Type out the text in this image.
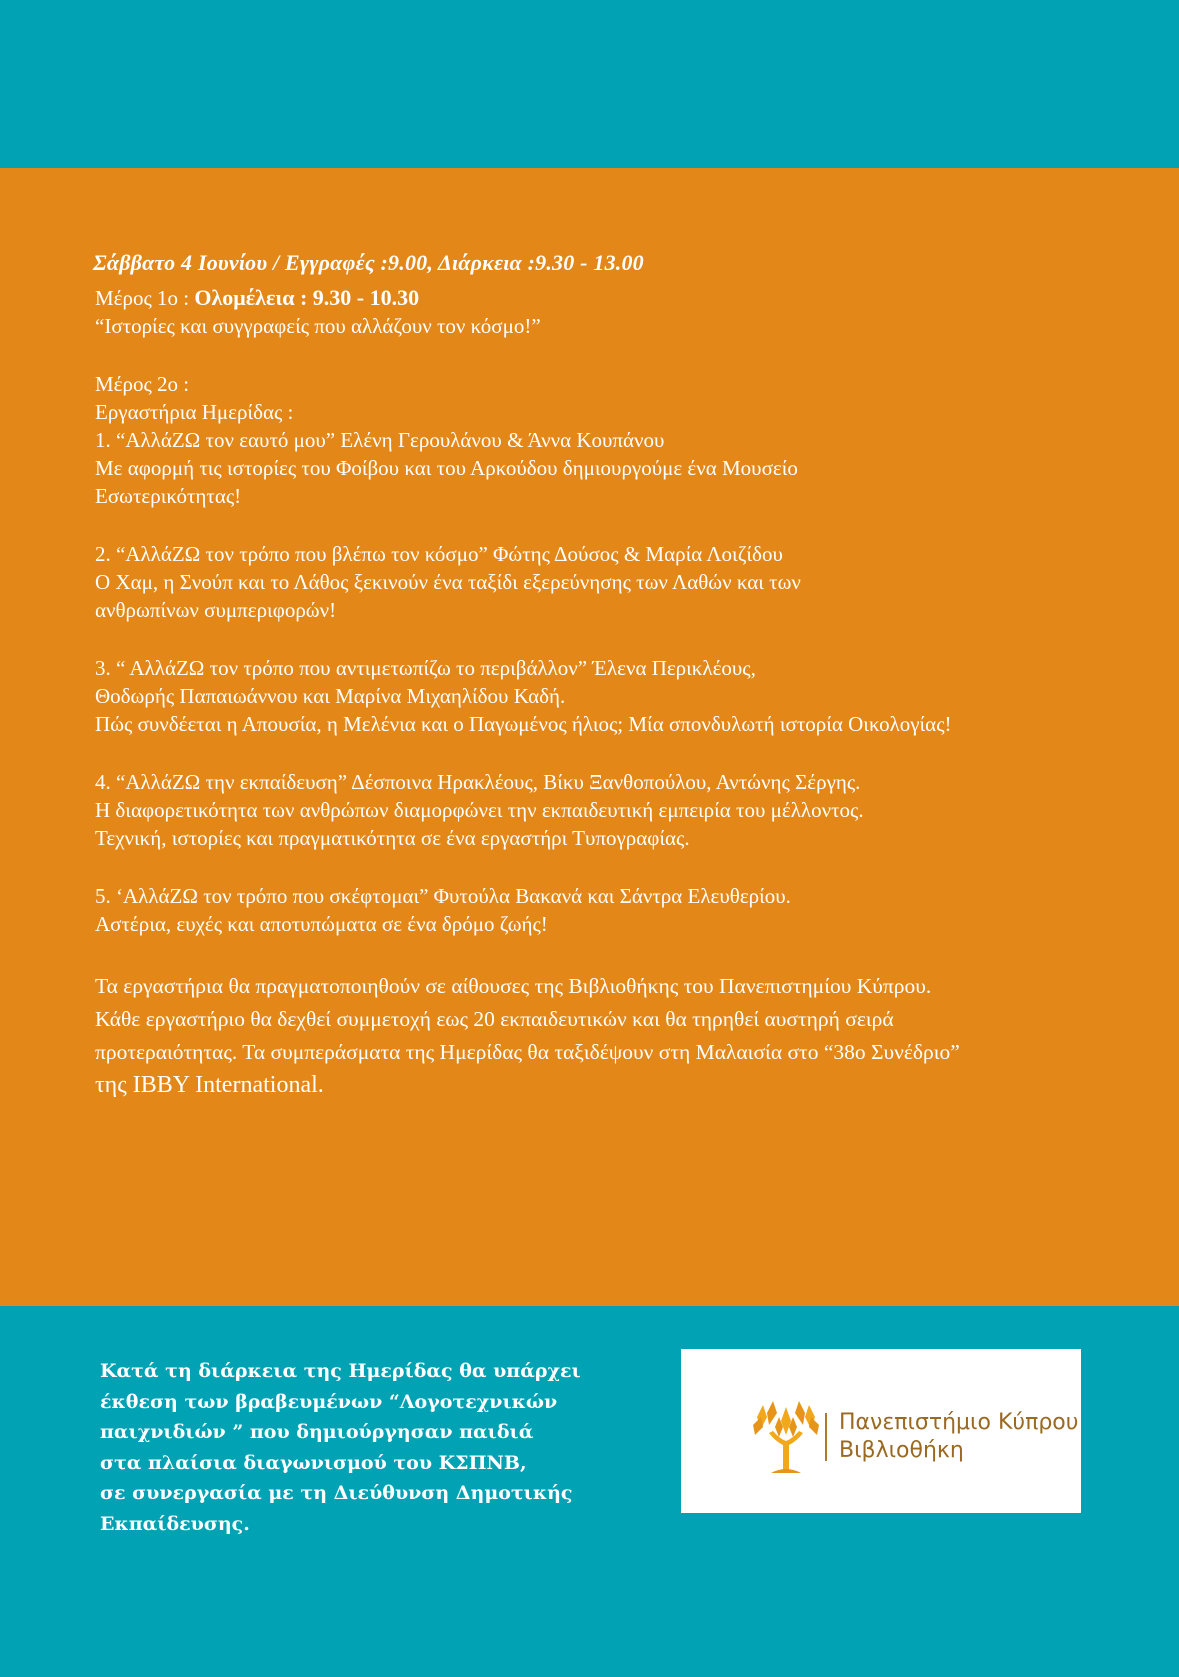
Σάββατο 4 Ιουνίου / Εγγραφές :9.00, Διάρκεια :9.30 - 13.00

Μέρος 1ο : Ολομέλεια : 9.30 - 10.30

“Ιστορίες και συγγραφείς που αλλάζουν τον κόσμο!”

Μέρος 2ο :

Εργαστήρια Ημερίδας :

1. “ΑλλάΖΩ τον εαυτό μου” Ελένη Γερουλάνου & Άννα Κουπάνου

Με αφορμή τις ιστορίες του Φοίβου και του Αρκούδου δημιουργούμε ένα Μουσείο

Εσωτερικότητας!

2. “ΑλλάΖΩ τον τρόπο που βλέπω τον κόσμο” Φώτης Δούσος & Μαρία Λοιζίδου

Ο Χαμ, η Σνούπ και το Λάθος ξεκινούν ένα ταξίδι εξερεύνησης των Λαθών και των

ανθρωπίνων συμπεριφορών!

3. “ ΑλλάΖΩ τον τρόπο που αντιμετωπίζω το περιβάλλον” Έλενα Περικλέους,

Θοδωρής Παπαιωάννου και Μαρίνα Μιχαηλίδου Καδή.

Πώς συνδέεται η Απουσία, η Μελένια και ο Παγωμένος ήλιος; Μία σπονδυλωτή ιστορία Οικολογίας!

4. “ΑλλάΖΩ την εκπαίδευση” Δέσποινα Ηρακλέους, Βίκυ Ξανθοπούλου, Αντώνης Σέργης.

Η διαφορετικότητα των ανθρώπων διαμορφώνει την εκπαιδευτική εμπειρία του μέλλοντος.

Τεχνική, ιστορίες και πραγματικότητα σε ένα εργαστήρι Τυπογραφίας.

5. ‘ΑλλάΖΩ τον τρόπο που σκέφτομαι” Φυτούλα Βακανά και Σάντρα Ελευθερίου.

Αστέρια, ευχές και αποτυπώματα σε ένα δρόμο ζωής!

Τα εργαστήρια θα πραγματοποιηθούν σε αίθουσες της Βιβλιοθήκης του Πανεπιστημίου Κύπρου.

Κάθε εργαστήριο θα δεχθεί συμμετοχή εως 20 εκπαιδευτικών και θα τηρηθεί αυστηρή σειρά

προτεραιότητας. Τα συμπεράσματα της Ημερίδας θα ταξιδέψουν στη Μαλαισία στο “38ο Συνέδριο”

της IBBY International.

Κατά τη διάρκεια της Ημερίδας θα υπάρχει

έκθεση των βραβευμένων “Λογοτεχνικών

παιχνιδιών ” που δημιούργησαν παιδιά

στα πλαίσια διαγωνισμού του ΚΣΠΝΒ,

σε συνεργασία με τη Διεύθυνση Δημοτικής

Εκπαίδευσης.

Πανεπιστήμιο Κύπρου
Βιβλιοθήκη
